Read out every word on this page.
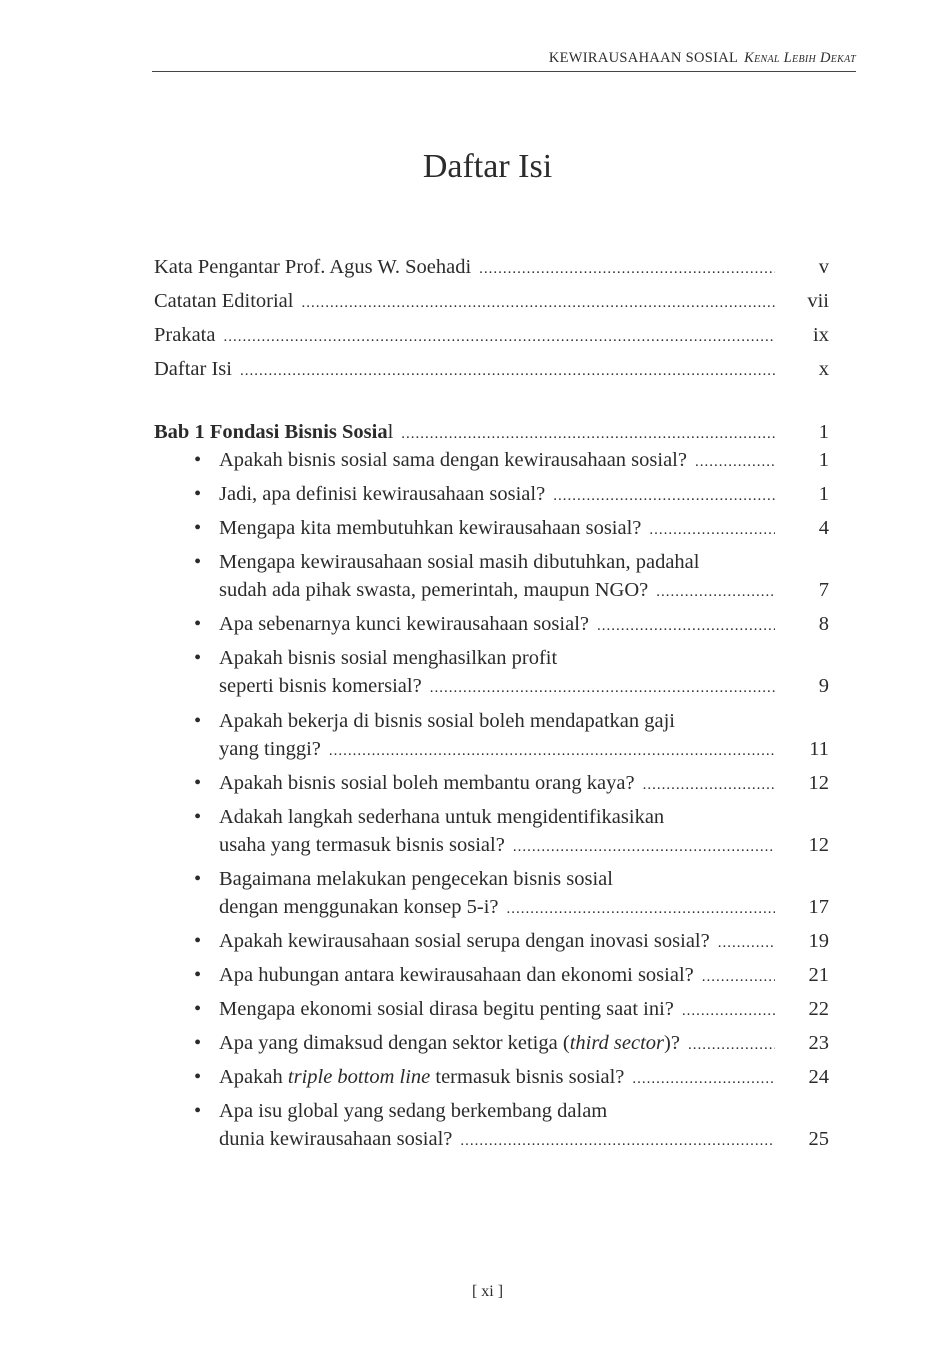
KEWIRAUSAHAAN SOSIAL Kenal Lebih Dekat
Daftar Isi
Kata Pengantar Prof. Agus W. Soehadi .....	v
Catatan Editorial .....	vii
Prakata .....	ix
Daftar Isi .....	x
Bab 1 Fondasi Bisnis Sosial .....	1
• Apakah bisnis sosial sama dengan kewirausahaan sosial? .....	1
• Jadi, apa definisi kewirausahaan sosial? .....	1
• Mengapa kita membutuhkan kewirausahaan sosial? .....	4
• Mengapa kewirausahaan sosial masih dibutuhkan, padahal
sudah ada pihak swasta, pemerintah, maupun NGO? .....	7
• Apa sebenarnya kunci kewirausahaan sosial? .....	8
• Apakah bisnis sosial menghasilkan profit
seperti bisnis komersial? .....	9
• Apakah bekerja di bisnis sosial boleh mendapatkan gaji
yang tinggi? .....	11
• Apakah bisnis sosial boleh membantu orang kaya? .....	12
• Adakah langkah sederhana untuk mengidentifikasikan
usaha yang termasuk bisnis sosial? .....	12
• Bagaimana melakukan pengecekan bisnis sosial
dengan menggunakan konsep 5-i? .....	17
• Apakah kewirausahaan sosial serupa dengan inovasi sosial? .....	19
• Apa hubungan antara kewirausahaan dan ekonomi sosial? .....	21
• Mengapa ekonomi sosial dirasa begitu penting saat ini? .....	22
• Apa yang dimaksud dengan sektor ketiga (third sector)? .....	23
• Apakah triple bottom line termasuk bisnis sosial? .....	24
• Apa isu global yang sedang berkembang dalam
dunia kewirausahaan sosial? .....	25
[ xi ]
